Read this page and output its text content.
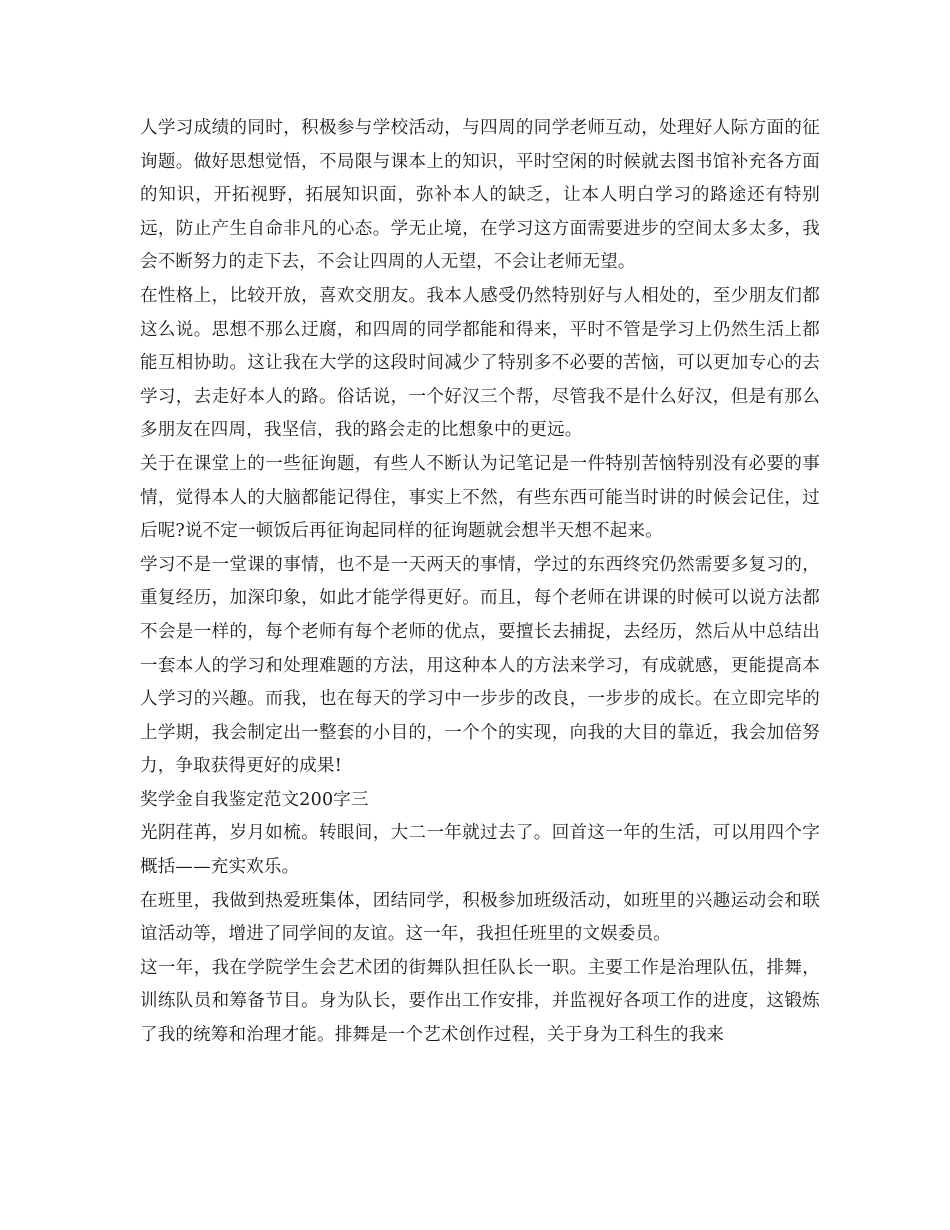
人学习成绩的同时，积极参与学校活动，与四周的同学老师互动，处理好人际方面的征询题。做好思想觉悟，不局限与课本上的知识，平时空闲的时候就去图书馆补充各方面的知识，开拓视野，拓展知识面，弥补本人的缺乏，让本人明白学习的路途还有特别远，防止产生自命非凡的心态。学无止境，在学习这方面需要进步的空间太多太多，我会不断努力的走下去，不会让四周的人无望，不会让老师无望。

在性格上，比较开放，喜欢交朋友。我本人感受仍然特别好与人相处的，至少朋友们都这么说。思想不那么迂腐，和四周的同学都能和得来，平时不管是学习上仍然生活上都能互相协助。这让我在大学的这段时间减少了特别多不必要的苦恼，可以更加专心的去学习，去走好本人的路。俗话说，一个好汉三个帮，尽管我不是什么好汉，但是有那么多朋友在四周，我坚信，我的路会走的比想象中的更远。

关于在课堂上的一些征询题，有些人不断认为记笔记是一件特别苦恼特别没有必要的事情，觉得本人的大脑都能记得住，事实上不然，有些东西可能当时讲的时候会记住，过后呢?说不定一顿饭后再征询起同样的征询题就会想半天想不起来。

学习不是一堂课的事情，也不是一天两天的事情，学过的东西终究仍然需要多复习的，重复经历，加深印象，如此才能学得更好。而且，每个老师在讲课的时候可以说方法都不会是一样的，每个老师有每个老师的优点，要擅长去捕捉，去经历，然后从中总结出一套本人的学习和处理难题的方法，用这种本人的方法来学习，有成就感，更能提高本人学习的兴趣。而我，也在每天的学习中一步步的改良，一步步的成长。在立即完毕的上学期，我会制定出一整套的小目的，一个个的实现，向我的大目的靠近，我会加倍努力，争取获得更好的成果!

奖学金自我鉴定范文200字三

光阴荏苒，岁月如梳。转眼间，大二一年就过去了。回首这一年的生活，可以用四个字概括——充实欢乐。

在班里，我做到热爱班集体，团结同学，积极参加班级活动，如班里的兴趣运动会和联谊活动等，增进了同学间的友谊。这一年，我担任班里的文娱委员。

这一年，我在学院学生会艺术团的街舞队担任队长一职。主要工作是治理队伍，排舞，训练队员和筹备节目。身为队长，要作出工作安排，并监视好各项工作的进度，这锻炼了我的统筹和治理才能。排舞是一个艺术创作过程，关于身为工科生的我来
